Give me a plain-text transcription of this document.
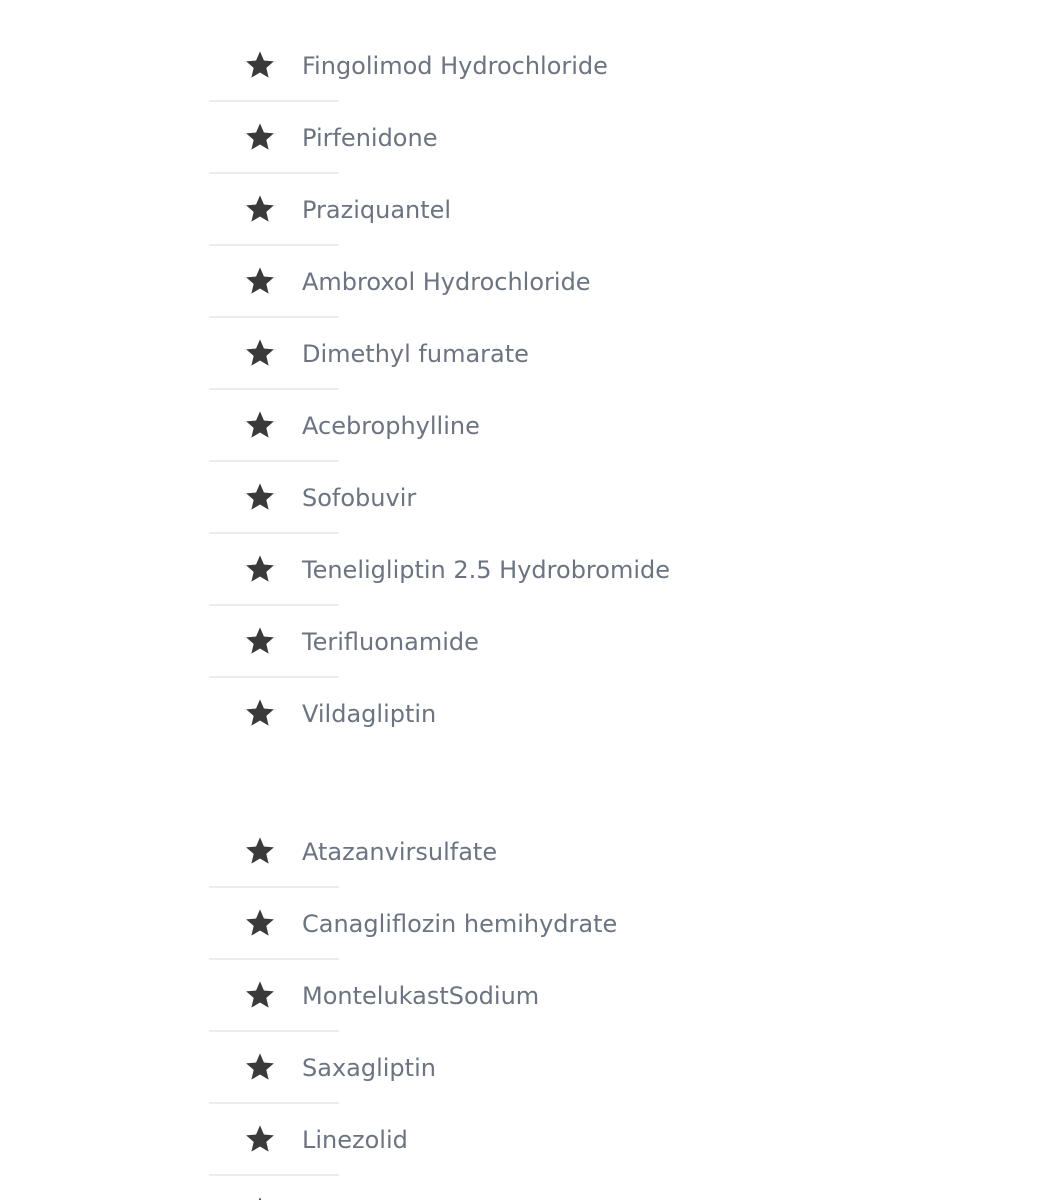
Fingolimod Hydrochloride
Pirfenidone
Praziquantel
Ambroxol Hydrochloride
Dimethyl fumarate
Acebrophylline
Sofobuvir
Teneligliptin 2.5 Hydrobromide
Terifluonamide
Vildagliptin
Atazanvirsulfate
Canagliflozin hemihydrate
MontelukastSodium
Saxagliptin
Linezolid
